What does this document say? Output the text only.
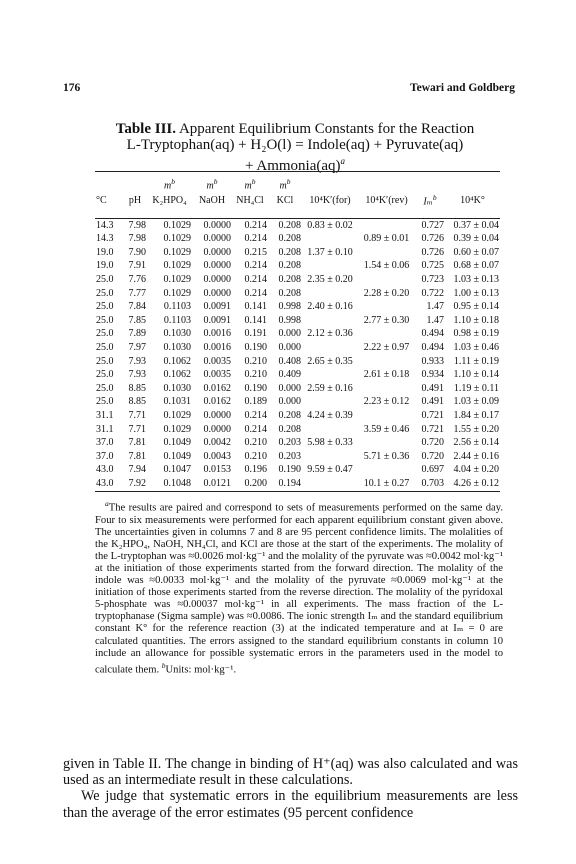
176	Tewari and Goldberg
Table III. Apparent Equilibrium Constants for the Reaction
L-Tryptophan(aq) + H₂O(l) = Indole(aq) + Pyruvate(aq)
+ Ammonia(aq)$^a$
		$m^b$	$m^b$	$m^b$	$m^b$				
°C	pH	K₂HPO₄	NaOH	NH₄Cl	KCl	10⁴K′(for)	10⁴K′(rev)	Iₘ$^b$	10⁴K°

14.3	7.98	0.1029	0.0000	0.214	0.208	0.83 ± 0.02		0.727	0.37 ± 0.04
14.3	7.98	0.1029	0.0000	0.214	0.208		0.89 ± 0.01	0.726	0.39 ± 0.04
19.0	7.90	0.1029	0.0000	0.215	0.208	1.37 ± 0.10		0.726	0.60 ± 0.07
19.0	7.91	0.1029	0.0000	0.214	0.208		1.54 ± 0.06	0.725	0.68 ± 0.07
25.0	7.76	0.1029	0.0000	0.214	0.208	2.35 ± 0.20		0.723	1.03 ± 0.13
25.0	7.77	0.1029	0.0000	0.214	0.208		2.28 ± 0.20	0.722	1.00 ± 0.13
25.0	7.84	0.1103	0.0091	0.141	0.998	2.40 ± 0.16		1.47	0.95 ± 0.14
25.0	7.85	0.1103	0.0091	0.141	0.998		2.77 ± 0.30	1.47	1.10 ± 0.18
25.0	7.89	0.1030	0.0016	0.191	0.000	2.12 ± 0.36		0.494	0.98 ± 0.19
25.0	7.97	0.1030	0.0016	0.190	0.000		2.22 ± 0.97	0.494	1.03 ± 0.46
25.0	7.93	0.1062	0.0035	0.210	0.408	2.65 ± 0.35		0.933	1.11 ± 0.19
25.0	7.93	0.1062	0.0035	0.210	0.409		2.61 ± 0.18	0.934	1.10 ± 0.14
25.0	8.85	0.1030	0.0162	0.190	0.000	2.59 ± 0.16		0.491	1.19 ± 0.11
25.0	8.85	0.1031	0.0162	0.189	0.000		2.23 ± 0.12	0.491	1.03 ± 0.09
31.1	7.71	0.1029	0.0000	0.214	0.208	4.24 ± 0.39		0.721	1.84 ± 0.17
31.1	7.71	0.1029	0.0000	0.214	0.208		3.59 ± 0.46	0.721	1.55 ± 0.20
37.0	7.81	0.1049	0.0042	0.210	0.203	5.98 ± 0.33		0.720	2.56 ± 0.14
37.0	7.81	0.1049	0.0043	0.210	0.203		5.71 ± 0.36	0.720	2.44 ± 0.16
43.0	7.94	0.1047	0.0153	0.196	0.190	9.59 ± 0.47		0.697	4.04 ± 0.20
43.0	7.92	0.1048	0.0121	0.200	0.194		10.1 ± 0.27	0.703	4.26 ± 0.12
$^a$The results are paired and correspond to sets of measurements performed on the same day. Four to six measurements were performed for each apparent equilibrium constant given above. The uncertainties given in columns 7 and 8 are 95 percent confidence limits. The molalities of the K₂HPO₄, NaOH, NH₄Cl, and KCl are those at the start of the experiments. The molality of the L-tryptophan was ≈0.0026 mol·kg⁻¹ and the molality of the pyruvate was ≈0.0042 mol·kg⁻¹ at the initiation of those experiments started from the forward direction. The molality of the indole was ≈0.0033 mol·kg⁻¹ and the molality of the pyruvate ≈0.0069 mol·kg⁻¹ at the initiation of those experiments started from the reverse direction. The molality of the pyridoxal 5-phosphate was ≈0.00037 mol·kg⁻¹ in all experiments. The mass fraction of the L-tryptophanase (Sigma sample) was ≈0.0086. The ionic strength Iₘ and the standard equilibrium constant K° for the reference reaction (3) at the indicated temperature and at Iₘ = 0 are calculated quantities. The errors assigned to the standard equilibrium constants in column 10 include an allowance for possible systematic errors in the parameters used in the model to calculate them. $^b$Units: mol·kg⁻¹.

given in Table II. The change in binding of H⁺(aq) was also calculated and was used as an intermediate result in these calculations.

We judge that systematic errors in the equilibrium measurements are less than the average of the error estimates (95 percent confidence
